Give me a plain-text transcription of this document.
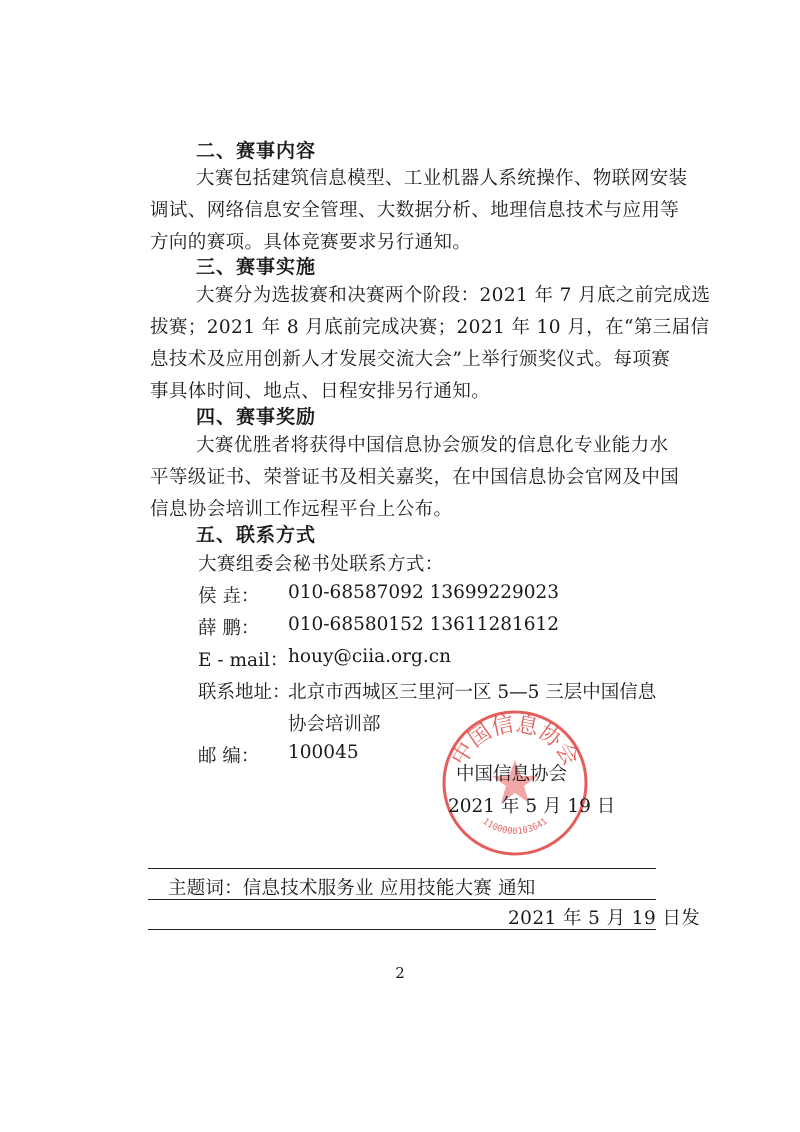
二、赛事内容
大赛包括建筑信息模型、工业机器人系统操作、物联网安装
调试、网络信息安全管理、大数据分析、地理信息技术与应用等
方向的赛项。具体竞赛要求另行通知。
三、赛事实施
大赛分为选拔赛和决赛两个阶段：2021 年 7 月底之前完成选
拔赛；2021 年 8 月底前完成决赛；2021 年 10 月，在“第三届信
息技术及应用创新人才发展交流大会”上举行颁奖仪式。每项赛
事具体时间、地点、日程安排另行通知。
四、赛事奖励
大赛优胜者将获得中国信息协会颁发的信息化专业能力水
平等级证书、荣誉证书及相关嘉奖，在中国信息协会官网及中国
信息协会培训工作远程平台上公布。
五、联系方式
大赛组委会秘书处联系方式：
侯 垚： 010-68587092 13699229023
薛 鹏： 010-68580152 13611281612
E - mail： houy@ciia.org.cn
联系地址：
北京市西城区三里河一区 5—5 三层中国信息
协会培训部
邮 编： 100045	中国信息协会
1100000103641
中国信息协会
2021 年 5 月 19 日
主题词：信息技术服务业 应用技能大赛 通知
2021 年 5 月 19 日发
2
